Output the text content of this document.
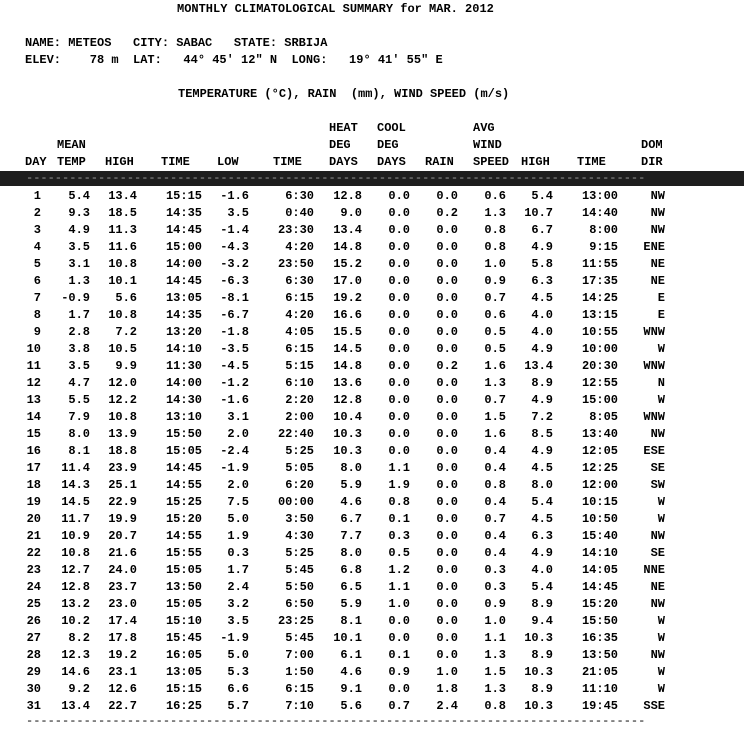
MONTHLY CLIMATOLOGICAL SUMMARY for MAR. 2012
NAME: METEOS   CITY: SABAC   STATE: SRBIJA
ELEV:    78 m  LAT:   44° 45' 12" N  LONG:   19° 41' 55" E
TEMPERATURE (°C), RAIN  (mm), WIND SPEED (m/s)
HEAT COOL	AVG
MEAN	DEG DEG	WIND	DOM
DAY TEMP HIGH TIME LOW	TIME DAYS DAYS RAIN SPEED HIGH TIME	DIR
--------------------------------------------------------------------------------------
1	5.4	13.4	15:15	-1.6	6:30	12.8	0.0	0.0	0.6	5.4	13:00	NW
2	9.3	18.5	14:35	3.5	0:40	9.0	0.0	0.2	1.3	10.7	14:40	NW
3	4.9	11.3	14:45	-1.4	23:30	13.4	0.0	0.0	0.8	6.7	8:00	NW
4	3.5	11.6	15:00	-4.3	4:20	14.8	0.0	0.0	0.8	4.9	9:15	ENE
5	3.1	10.8	14:00	-3.2	23:50	15.2	0.0	0.0	1.0	5.8	11:55	NE
6	1.3	10.1	14:45	-6.3	6:30	17.0	0.0	0.0	0.9	6.3	17:35	NE
7	-0.9	5.6	13:05	-8.1	6:15	19.2	0.0	0.0	0.7	4.5	14:25	E
8	1.7	10.8	14:35	-6.7	4:20	16.6	0.0	0.0	0.6	4.0	13:15	E
9	2.8	7.2	13:20	-1.8	4:05	15.5	0.0	0.0	0.5	4.0	10:55	WNW
10	3.8	10.5	14:10	-3.5	6:15	14.5	0.0	0.0	0.5	4.9	10:00	W
11	3.5	9.9	11:30	-4.5	5:15	14.8	0.0	0.2	1.6	13.4	20:30	WNW
12	4.7	12.0	14:00	-1.2	6:10	13.6	0.0	0.0	1.3	8.9	12:55	N
13	5.5	12.2	14:30	-1.6	2:20	12.8	0.0	0.0	0.7	4.9	15:00	W
14	7.9	10.8	13:10	3.1	2:00	10.4	0.0	0.0	1.5	7.2	8:05	WNW
15	8.0	13.9	15:50	2.0	22:40	10.3	0.0	0.0	1.6	8.5	13:40	NW
16	8.1	18.8	15:05	-2.4	5:25	10.3	0.0	0.0	0.4	4.9	12:05	ESE
17	11.4	23.9	14:45	-1.9	5:05	8.0	1.1	0.0	0.4	4.5	12:25	SE
18	14.3	25.1	14:55	2.0	6:20	5.9	1.9	0.0	0.8	8.0	12:00	SW
19	14.5	22.9	15:25	7.5	00:00	4.6	0.8	0.0	0.4	5.4	10:15	W
20	11.7	19.9	15:20	5.0	3:50	6.7	0.1	0.0	0.7	4.5	10:50	W
21	10.9	20.7	14:55	1.9	4:30	7.7	0.3	0.0	0.4	6.3	15:40	NW
22	10.8	21.6	15:55	0.3	5:25	8.0	0.5	0.0	0.4	4.9	14:10	SE
23	12.7	24.0	15:05	1.7	5:45	6.8	1.2	0.0	0.3	4.0	14:05	NNE
24	12.8	23.7	13:50	2.4	5:50	6.5	1.1	0.0	0.3	5.4	14:45	NE
25	13.2	23.0	15:05	3.2	6:50	5.9	1.0	0.0	0.9	8.9	15:20	NW
26	10.2	17.4	15:10	3.5	23:25	8.1	0.0	0.0	1.0	9.4	15:50	W
27	8.2	17.8	15:45	-1.9	5:45	10.1	0.0	0.0	1.1	10.3	16:35	W
28	12.3	19.2	16:05	5.0	7:00	6.1	0.1	0.0	1.3	8.9	13:50	NW
29	14.6	23.1	13:05	5.3	1:50	4.6	0.9	1.0	1.5	10.3	21:05	W
30	9.2	12.6	15:15	6.6	6:15	9.1	0.0	1.8	1.3	8.9	11:10	W
31	13.4	22.7	16:25	5.7	7:10	5.6	0.7	2.4	0.8	10.3	19:45	SSE
--------------------------------------------------------------------------------------
